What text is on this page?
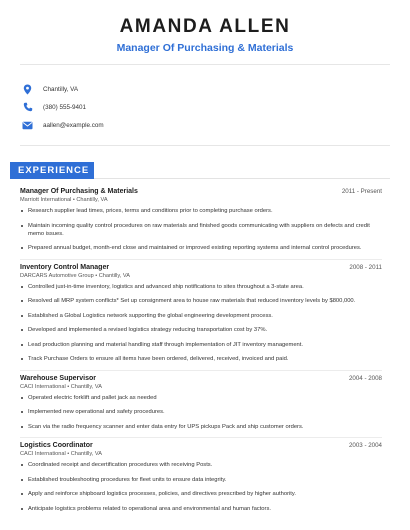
AMANDA ALLEN
Manager Of Purchasing & Materials
Chantilly, VA
(380) 555-9401
aallen@example.com
EXPERIENCE
Manager Of Purchasing & Materials	2011 - Present
Marriott International • Chantilly, VA
Research supplier lead times, prices, terms and conditions prior to completing purchase orders.
Maintain incoming quality control procedures on raw materials and finished goods communicating with suppliers on defects and credit memo issues.
Prepared annual budget, month-end close and maintained or improved existing reporting systems and internal control procedures.
Inventory Control Manager	2008 - 2011
DARCARS Automotive Group • Chantilly, VA
Controlled just-in-time inventory, logistics and advanced ship notifications to sites throughout a 3-state area.
Resolved all MRP system conflicts* Set up consignment area to house raw materials that reduced inventory levels by $800,000.
Established a Global Logistics network supporting the global engineering development process.
Developed and implemented a revised logistics strategy reducing transportation cost by 37%.
Lead production planning and material handling staff through implementation of JIT inventory management.
Track Purchase Orders to ensure all items have been ordered, delivered, received, invoiced and paid.
Warehouse Supervisor	2004 - 2008
CACI International • Chantilly, VA
Operated electric forklift and pallet jack as needed
Implemented new operational and safety procedures.
Scan via the radio frequency scanner and enter data entry for UPS pickups Pack and ship customer orders.
Logistics Coordinator	2003 - 2004
CACI International • Chantilly, VA
Coordinated receipt and decertification procedures with receiving Posts.
Established troubleshooting procedures for fleet units to ensure data integrity.
Apply and reinforce shipboard logistics processes, policies, and directives prescribed by higher authority.
Anticipate logistics problems related to operational area and environmental and human factors.
